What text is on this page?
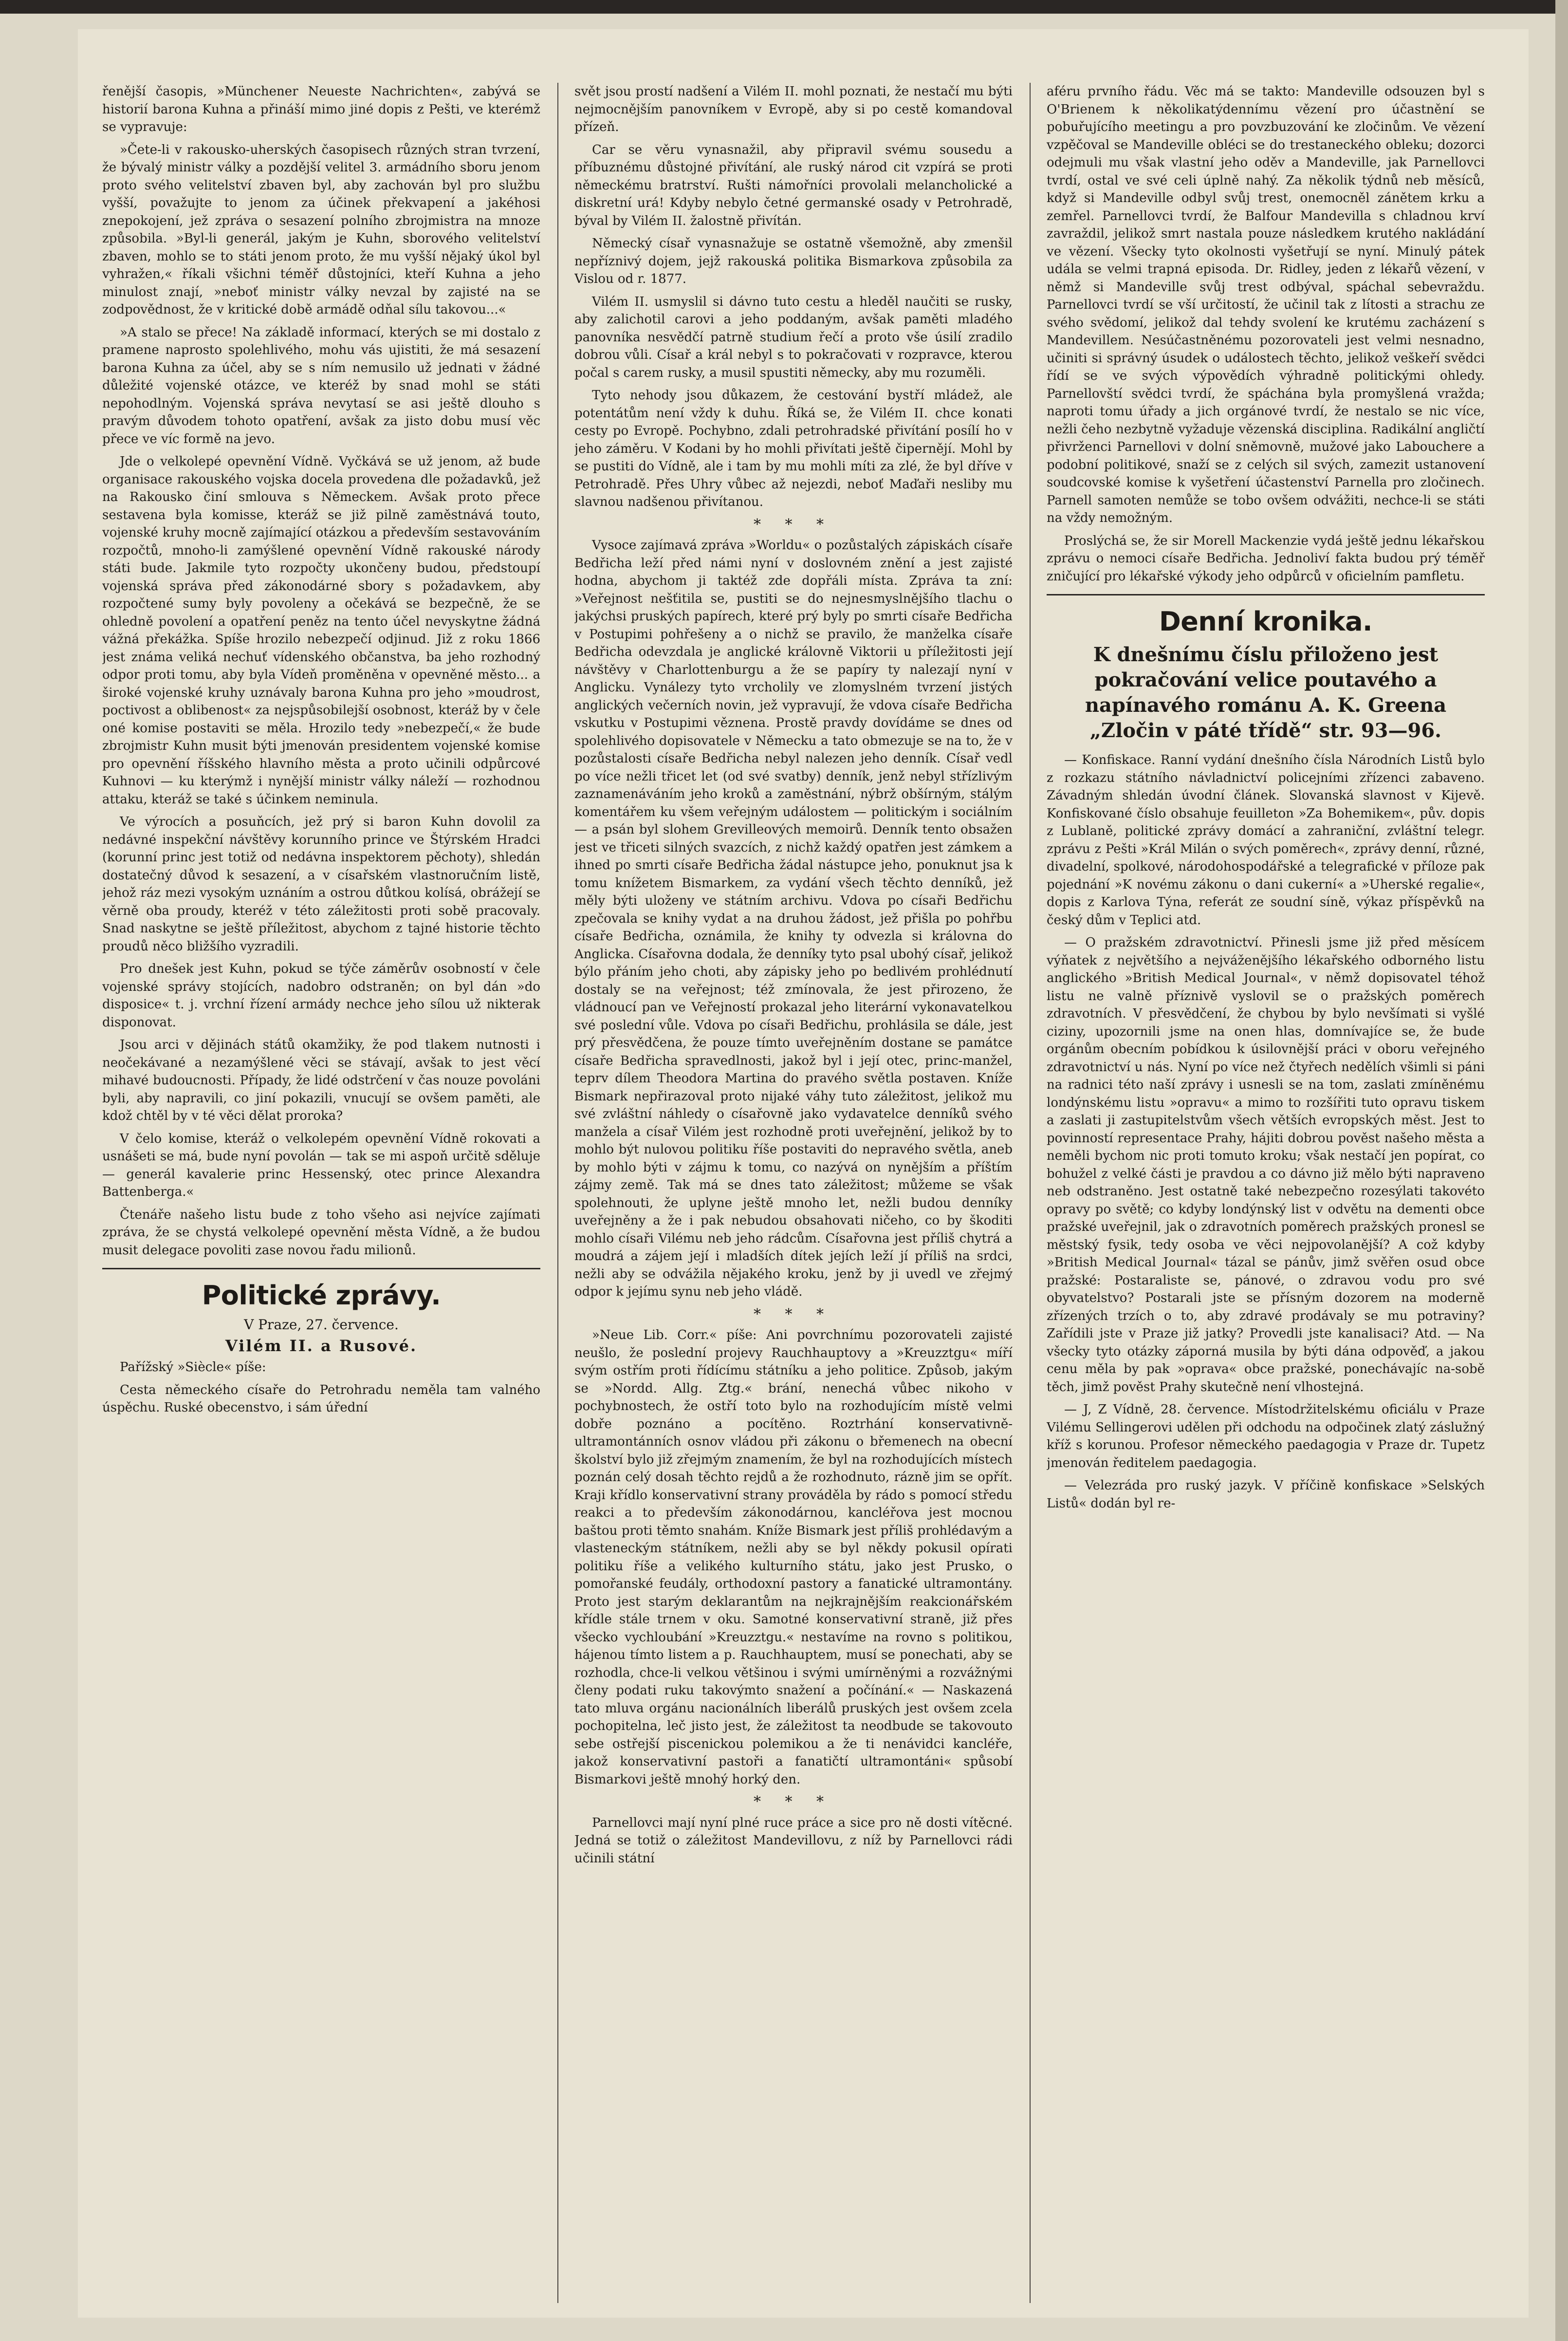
řenější časopis, »Münchener Neueste Nachrichten«, zabývá se historií barona Kuhna a přináší mimo jiné dopis z Pešti, ve kterémž se vypravuje:

»Čete-li v rakousko-uherských časopisech různých stran tvrzení, že bývalý ministr války a pozdější velitel 3. armádního sboru jenom proto svého velitelství zbaven byl, aby zachován byl pro službu vyšší, považujte to jenom za účinek překvapení a jakéhosi znepokojení, jež zpráva o sesazení polního zbrojmistra na mnoze způsobila. »Byl-li generál, jakým je Kuhn, sborového velitelství zbaven, mohlo se to státi jenom proto, že mu vyšší nějaký úkol byl vyhražen,« říkali všichni téměř důstojníci, kteří Kuhna a jeho minulost znají, »neboť ministr války nevzal by zajisté na se zodpovědnost, že v kritické době armádě odňal sílu takovou...«

»A stalo se přece! Na základě informací, kterých se mi dostalo z pramene naprosto spolehlivého, mohu vás ujistiti, že má sesazení barona Kuhna za účel, aby se s ním nemusilo už jednati v žádné důležité vojenské otázce, ve kteréž by snad mohl se státi nepohodlným. Vojenská správa nevytasí se asi ještě dlouho s pravým důvodem tohoto opatření, avšak za jisto dobu musí věc přece ve víc formě na jevo.

Jde o velkolepé opevnění Vídně. Vyčkává se už jenom, až bude organisace rakouského vojska docela provedena dle požadavků, jež na Rakousko činí smlouva s Německem. Avšak proto přece sestavena byla komisse, kteráž se již pilně zaměstnává touto, vojenské kruhy mocně zajímající otázkou a především sestavováním rozpočtů, mnoho-li zamýšlené opevnění Vídně rakouské národy státi bude. Jakmile tyto rozpočty ukončeny budou, předstoupí vojenská správa před zákonodárné sbory s požadavkem, aby rozpočtené sumy byly povoleny a očekává se bezpečně, že se ohledně povolení a opatření peněz na tento účel nevyskytne žádná vážná překážka. Spíše hrozilo nebezpečí odjinud. Již z roku 1866 jest známa veliká nechuť vídenského občanstva, ba jeho rozhodný odpor proti tomu, aby byla Vídeň proměněna v opevněné město... a široké vojenské kruhy uznávaly barona Kuhna pro jeho »moudrost, poctivost a oblibenost« za nejspůsobilejší osobnost, kteráž by v čele oné komise postaviti se měla. Hrozilo tedy »nebezpečí,« že bude zbrojmistr Kuhn musit býti jmenován presidentem vojenské komise pro opevnění říšského hlavního města a proto učinili odpůrcové Kuhnovi — ku kterýmž i nynější ministr války náleží — rozhodnou attaku, kteráž se také s účinkem neminula.

Ve výrocích a posuňcích, jež prý si baron Kuhn dovolil za nedávné inspekční návštěvy korunního prince ve Štýrském Hradci (korunní princ jest totiž od nedávna inspektorem pěchoty), shledán dostatečný důvod k sesazení, a v císařském vlastnoručním listě, jehož ráz mezi vysokým uznáním a ostrou důtkou kolísá, obrážejí se věrně oba proudy, kteréž v této záležitosti proti sobě pracovaly. Snad naskytne se ještě příležitost, abychom z tajné historie těchto proudů něco bližšího vyzradili.

Pro dnešek jest Kuhn, pokud se týče záměrův osobností v čele vojenské správy stojících, nadobro odstraněn; on byl dán »do disposice« t. j. vrchní řízení armády nechce jeho sílou už nikterak disponovat.

Jsou arci v dějinách států okamžiky, že pod tlakem nutnosti i neočekávané a nezamýšlené věci se stávají, avšak to jest věcí mihavé budoucnosti. Případy, že lidé odstrčení v čas nouze povoláni byli, aby napravili, co jiní pokazili, vnucují se ovšem paměti, ale kdož chtěl by v té věci dělat proroka?

V čelo komise, kteráž o velkolepém opevnění Vídně rokovati a usnášeti se má, bude nyní povolán — tak se mi aspoň určitě sděluje — generál kavalerie princ Hessenský, otec prince Alexandra Battenberga.«

Čtenáře našeho listu bude z toho všeho asi nejvíce zajímati zpráva, že se chystá velkolepé opevnění města Vídně, a že budou musit delegace povoliti zase novou řadu milionů.

Politické zprávy.
V Praze, 27. července.
Vilém II. a Rusové.

Pařížský »Siècle« píše:

Cesta německého císaře do Petrohradu neměla tam valného úspěchu. Ruské obecenstvo, i sám úřední

svět jsou prostí nadšení a Vilém II. mohl poznati, že nestačí mu býti nejmocnějším panovníkem v Evropě, aby si po cestě komandoval přízeň.

Car se věru vynasnažil, aby připravil svému sousedu a příbuznému důstojné přivítání, ale ruský národ cit vzpírá se proti německému bratrství. Rušti námořníci provolali melancholické a diskretní urá! Kdyby nebylo četné germanské osady v Petrohradě, býval by Vilém II. žalostně přivítán.

Německý císař vynasnažuje se ostatně všemožně, aby zmenšil nepříznivý dojem, jejž rakouská politika Bismarkova způsobila za Vislou od r. 1877.

Vilém II. usmyslil si dávno tuto cestu a hleděl naučiti se rusky, aby zalichotil carovi a jeho poddaným, avšak paměti mladého panovníka nesvědčí patrně studium řečí a proto vše úsilí zradilo dobrou vůli. Císař a král nebyl s to pokračovati v rozpravce, kterou počal s carem rusky, a musil spustiti německy, aby mu rozuměli.

Tyto nehody jsou důkazem, že cestování bystří mládež, ale potentátům není vždy k duhu. Říká se, že Vilém II. chce konati cesty po Evropě. Pochybno, zdali petrohradské přivítání posílí ho v jeho záměru. V Kodani by ho mohli přivítati ještě čipernějí. Mohl by se pustiti do Vídně, ale i tam by mu mohli míti za zlé, že byl dříve v Petrohradě. Přes Uhry vůbec až nejezdi, neboť Maďaři nesliby mu slavnou nadšenou přivítanou.

* * *

Vysoce zajímavá zpráva »Worldu« o pozůstalých zápiskách císaře Bedřicha leží před námi nyní v doslovném znění a jest zajisté hodna, abychom ji taktéž zde dopřáli místa. Zpráva ta zní: »Veřejnost nešťitila se, pustiti se do nejnesmyslnějšího tlachu o jakýchsi pruských papírech, které prý byly po smrti císaře Bedřicha v Postupimi pohřešeny a o nichž se pravilo, že manželka císaře Bedřicha odevzdala je anglické královně Viktorii u příležitosti její návštěvy v Charlottenburgu a že se papíry ty nalezají nyní v Anglicku. Vynálezy tyto vrcholily ve zlomyslném tvrzení jistých anglických večerních novin, jež vypravují, že vdova císaře Bedřicha vskutku v Postupimi věznena. Prostě pravdy dovídáme se dnes od spolehlivého dopisovatele v Německu a tato obmezuje se na to, že v pozůstalosti císaře Bedřicha nebyl nalezen jeho denník. Císař vedl po více nežli třicet let (od své svatby) denník, jenž nebyl střízlivým zaznamenáváním jeho kroků a zaměstnání, nýbrž obšírným, stálým komentářem ku všem veřejným událostem — politickým i sociálním — a psán byl slohem Grevilleových memoirů. Denník tento obsažen jest ve třiceti silných svazcích, z nichž každý opatřen jest zámkem a ihned po smrti císaře Bedřicha žádal nástupce jeho, ponuknut jsa k tomu knížetem Bismarkem, za vydání všech těchto denníků, jež měly býti uloženy ve státním archivu. Vdova po císaři Bedřichu zpečovala se knihy vydat a na druhou žádost, jež přišla po pohřbu císaře Bedřicha, oznámila, že knihy ty odvezla si královna do Anglicka. Císařovna dodala, že denníky tyto psal ubohý císař, jelikož býlo přáním jeho choti, aby zápisky jeho po bedlivém prohlédnutí dostaly se na veřejnost; též zmínovala, že jest přirozeno, že vládnoucí pan ve Veřejností prokazal jeho literární vykonavatelkou své poslední vůle. Vdova po císaři Bedřichu, prohlásila se dále, jest prý přesvědčena, že pouze tímto uveřejněním dostane se památce císaře Bedřicha spravedlnosti, jakož byl i její otec, princ-manžel, teprv dílem Theodora Martina do pravého světla postaven. Kníže Bismark nepřirazoval proto nijaké váhy tuto záležitost, jelikož mu své zvláštní náhledy o císařovně jako vydavatelce denníků svého manžela a císař Vilém jest rozhodně proti uveřejnění, jelikož by to mohlo být nulovou politiku říše postaviti do nepravého světla, aneb by mohlo býti v zájmu k tomu, co nazývá on nynějším a příštím zájmy země. Tak má se dnes tato záležitost; můžeme se však spolehnouti, že uplyne ještě mnoho let, nežli budou denníky uveřejněny a že i pak nebudou obsahovati ničeho, co by škoditi mohlo císaři Vilému neb jeho rádcům. Císařovna jest příliš chytrá a moudrá a zájem její i mladších dítek jejích leží jí příliš na srdci, nežli aby se odvážila nějakého kroku, jenž by ji uvedl ve zřejmý odpor k jejímu synu neb jeho vládě.

* * *

»Neue Lib. Corr.« píše: Ani povrchnímu pozorovateli zajisté neušlo, že poslední projevy Rauchhauptovy a »Kreuzztgu« míří svým ostřím proti řídícímu státníku a jeho politice. Způsob, jakým se »Nordd. Allg. Ztg.« brání, nenechá vůbec nikoho v pochybnostech, že ostří toto bylo na rozhodujícím místě velmi dobře poznáno a pocítěno. Roztrhání konservativně-ultramontánních osnov vládou při zákonu o břemenech na obecní školství bylo již zřejmým znamením, že byl na rozhodujících místech poznán celý dosah těchto rejdů a že rozhodnuto, rázně jim se opřít. Kraji křídlo konservativní strany prováděla by rádo s pomocí středu reakci a to především zákonodárnou, kancléřova jest mocnou baštou proti těmto snahám. Kníže Bismark jest příliš prohlédavým a vlasteneckým státníkem, nežli aby se byl někdy pokusil opírati politiku říše a velikého kulturního státu, jako jest Prusko, o pomořanské feudály, orthodoxní pastory a fanatické ultramontány. Proto jest starým deklarantům na nejkrajnějším reakcionářském křídle stále trnem v oku. Samotné konservativní straně, již přes všecko vychloubání »Kreuzztgu.« nestavíme na rovno s politikou, hájenou tímto listem a p. Rauchhauptem, musí se ponechati, aby se rozhodla, chce-li velkou většinou i svými umírněnými a rozvážnými členy podati ruku takovýmto snažení a počínání.« — Naskazená tato mluva orgánu nacionálních liberálů pruských jest ovšem zcela pochopitelna, leč jisto jest, že záležitost ta neodbude se takovouto sebe ostřejší piscenickou polemikou a že ti nenávidci kancléře, jakož konservativní pastoři a fanatičtí ultramontáni« spůsobí Bismarkovi ještě mnohý horký den.

* * *

Parnellovci mají nyní plné ruce práce a sice pro ně dosti vítěcné. Jedná se totiž o záležitost Mandevillovu, z níž by Parnellovci rádi učinili státní

aféru prvního řádu. Věc má se takto: Mandeville odsouzen byl s O'Brienem k několikatýdennímu vězení pro účastnění se pobuřujícího meetingu a pro povzbuzování ke zločinům. Ve vězení vzpěčoval se Mandeville obléci se do trestaneckého obleku; dozorci odejmuli mu však vlastní jeho oděv a Mandeville, jak Parnellovci tvrdí, ostal ve své celi úplně nahý. Za několik týdnů neb měsíců, když si Mandeville odbyl svůj trest, onemocněl zánětem krku a zemřel. Parnellovci tvrdí, že Balfour Mandevilla s chladnou krví zavraždil, jelikož smrt nastala pouze následkem krutého nakládání ve vězení. Všecky tyto okolnosti vyšetřují se nyní. Minulý pátek udála se velmi trapná episoda. Dr. Ridley, jeden z lékařů vězení, v němž si Mandeville svůj trest odbýval, spáchal sebevraždu. Parnellovci tvrdí se vší určitostí, že učinil tak z lítosti a strachu ze svého svědomí, jelikož dal tehdy svolení ke krutému zacházení s Mandevillem. Nesúčastněnému pozorovateli jest velmi nesnadno, učiniti si správný úsudek o událostech těchto, jelikož veškeří svědci řídí se ve svých výpovědích výhradně politickými ohledy. Parnellovští svědci tvrdí, že spáchána byla promyšlená vražda; naproti tomu úřady a jich orgánové tvrdí, že nestalo se nic více, nežli čeho nezbytně vyžaduje vězenská disciplina. Radikální angličtí přivrženci Parnellovi v dolní sněmovně, mužové jako Labouchere a podobní politikové, snaží se z celých sil svých, zamezit ustanovení soudcovské komise k vyšetření účastenství Parnella pro zločinech. Parnell samoten nemůže se tobo ovšem odvážiti, nechce-li se státi na vždy nemožným.

Proslýchá se, že sir Morell Mackenzie vydá ještě jednu lékařskou zprávu o nemoci císaře Bedřicha. Jednoliví fakta budou prý téměř zničující pro lékařské výkody jeho odpůrců v oficielním pamfletu.

Denní kronika.
K dnešnímu číslu přiloženo jest pokračování velice poutavého a napínavého románu A. K. Greena „Zločin v páté třídě“ str. 93—96.

— Konfiskace. Ranní vydání dnešního čísla Národních Listů bylo z rozkazu státního návladnictví policejními zřízenci zabaveno. Závadným shledán úvodní článek. Slovanská slavnost v Kijevě. Konfiskované číslo obsahuje feuilleton »Za Bohemikem«, pův. dopis z Lublaně, politické zprávy domácí a zahraniční, zvláštní telegr. zprávu z Pešti »Král Milán o svých poměrech«, zprávy denní, různé, divadelní, spolkové, národohospodářské a telegrafické v příloze pak pojednání »K novému zákonu o dani cukerní« a »Uherské regalie«, dopis z Karlova Týna, referát ze soudní síně, výkaz příspěvků na český dům v Teplici atd.

— O pražském zdravotnictví. Přinesli jsme již před měsícem výňatek z největšího a nejváženějšího lékařského odborného listu anglického »British Medical Journal«, v němž dopisovatel téhož listu ne valně příznivě vyslovil se o pražských poměrech zdravotních. V přesvědčení, že chybou by bylo nevšímati si vyšlé ciziny, upozornili jsme na onen hlas, domnívajíce se, že bude orgánům obecním pobídkou k úsilovnější práci v oboru veřejného zdravotnictví u nás. Nyní po více než čtyřech nedělích všimli si páni na radnici této naší zprávy i usnesli se na tom, zaslati zmíněnému londýnskému listu »opravu« a mimo to rozšířiti tuto opravu tiskem a zaslati ji zastupitelstvům všech větších evropských měst. Jest to povinností representace Prahy, hájiti dobrou pověst našeho města a neměli bychom nic proti tomuto kroku; však nestačí jen popírat, co bohužel z velké části je pravdou a co dávno již mělo býti napraveno neb odstraněno. Jest ostatně také nebezpečno rozesýlati takovéto opravy po světě; co kdyby londýnský list v odvětu na dementi obce pražské uveřejnil, jak o zdravotních poměrech pražských pronesl se městský fysik, tedy osoba ve věci nejpovolanější? A což kdyby »British Medical Journal« tázal se pánův, jimž svěřen osud obce pražské: Postaraliste se, pánové, o zdravou vodu pro své obyvatelstvo? Postarali jste se přísným dozorem na moderně zřízených trzích o to, aby zdravé prodávaly se mu potraviny? Zařídili jste v Praze již jatky? Provedli jste kanalisaci? Atd. — Na všecky tyto otázky záporná musila by býti dána odpověď, a jakou cenu měla by pak »oprava« obce pražské, ponechávajíc na-sobě těch, jimž pověst Prahy skutečně není vlhostejná.

— J, Z Vídně, 28. července. Místodržitelskému oficiálu v Praze Vilému Sellingerovi udělen při odchodu na odpočinek zlatý záslužný kříž s korunou. Profesor německého paedagogia v Praze dr. Tupetz jmenován ředitelem paedagogia.

— Velezráda pro ruský jazyk. V příčině konfiskace »Selských Listů« dodán byl re-
